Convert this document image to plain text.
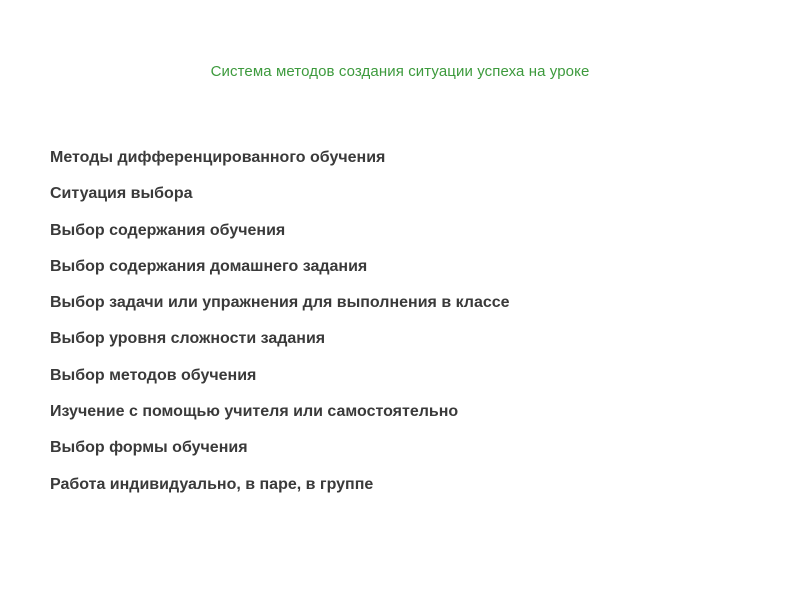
Система методов создания ситуации успеха на уроке
Методы дифференцированного обучения
Ситуация выбора
Выбор содержания обучения
Выбор содержания домашнего задания
Выбор задачи или упражнения для выполнения в классе
Выбор уровня сложности задания
Выбор методов обучения
Изучение с помощью учителя или самостоятельно
Выбор формы обучения
Работа индивидуально, в паре, в группе
